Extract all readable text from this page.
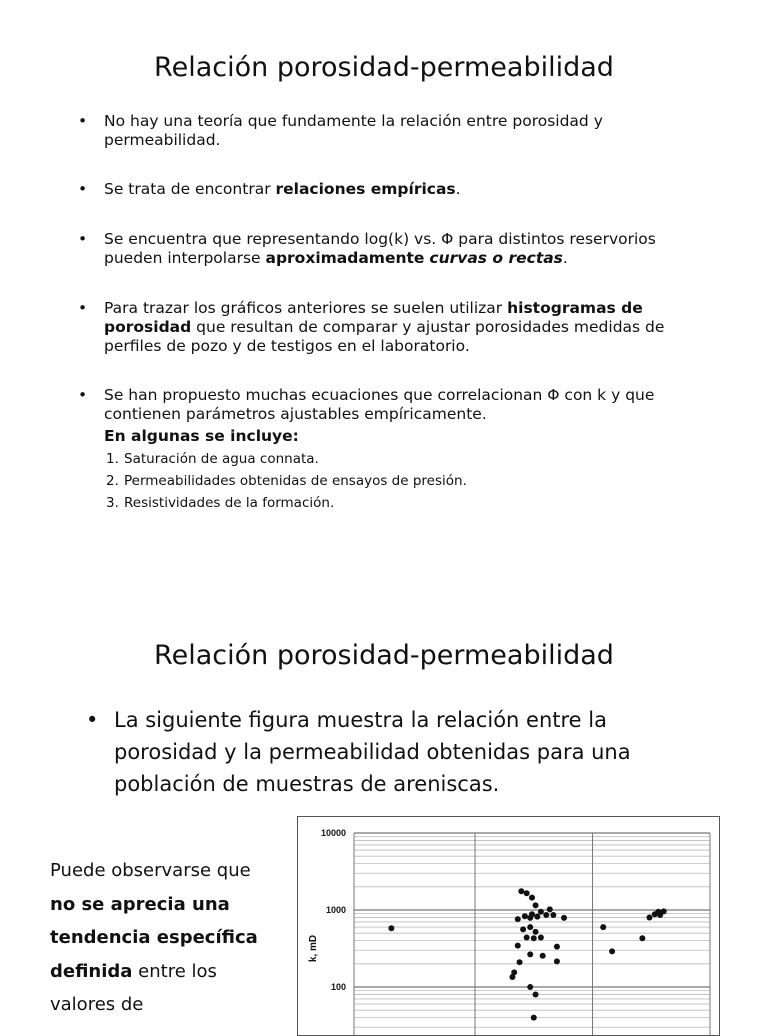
Relación porosidad-permeabilidad
• No hay una teoría que fundamente la relación entre porosidad y permeabilidad.
• Se trata de encontrar relaciones empíricas.
• Se encuentra que representando log(k) vs. Φ para distintos reservorios pueden interpolarse aproximadamente curvas o rectas.
• Para trazar los gráficos anteriores se suelen utilizar histogramas de porosidad que resultan de comparar y ajustar porosidades medidas de perfiles de pozo y de testigos en el laboratorio.
• Se han propuesto muchas ecuaciones que correlacionan Φ con k y que contienen parámetros ajustables empíricamente.
En algunas se incluye:
1. Saturación de agua connata.
2. Permeabilidades obtenidas de ensayos de presión.
3. Resistividades de la formación.
Relación porosidad-permeabilidad
• La siguiente figura muestra la relación entre la porosidad y la permeabilidad obtenidas para una población de muestras de areniscas.
Puede observarse que no se aprecia una tendencia específica definida entre los valores de
10000
1000
100
k, mD
